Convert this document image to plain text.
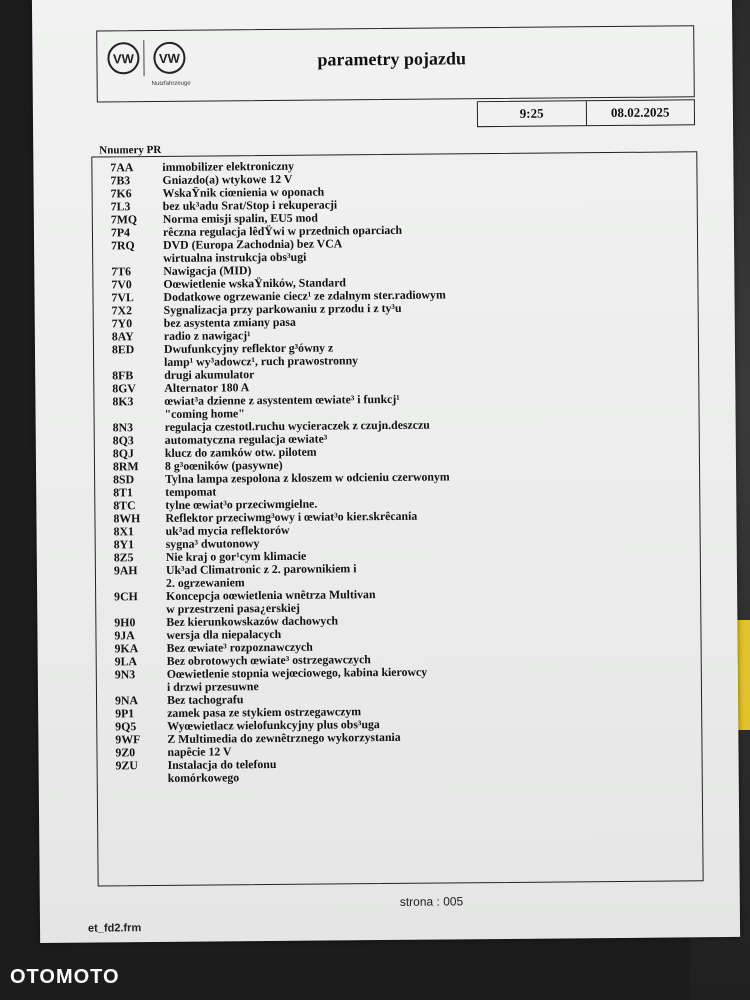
VW	VW
Nutzfahrzeuge
parametry pojazdu
9:25	08.02.2025
Nnumery PR
7AA	immobilizer elektroniczny
7B3	Gniazdo(a) wtykowe 12 V
7K6	WskaŸnik ciœnienia w oponach
7L3	bez uk³adu Srat/Stop i rekuperacji
7MQ	Norma emisji spalin, EU5 mod
7P4	rêczna regulacja lêdŸwi w przednich oparciach
7RQ	DVD (Europa Zachodnia) bez VCA
wirtualna instrukcja obs³ugi
7T6	Nawigacja (MID)
7V0	Oœwietlenie wskaŸników, Standard
7VL	Dodatkowe ogrzewanie ciecz¹ ze zdalnym ster.radiowym
7X2	Sygnalizacja przy parkowaniu z przodu i z ty³u
7Y0	bez asystenta zmiany pasa
8AY	radio z nawigacj¹
8ED	Dwufunkcyjny reflektor g³ówny z
lamp¹ wy³adowcz¹, ruch prawostronny
8FB	drugi akumulator
8GV	Alternator 180 A
8K3	œwiat³a dzienne z asystentem œwiate³ i funkcj¹
"coming home"
8N3	regulacja czestotl.ruchu wycieraczek z czujn.deszczu
8Q3	automatyczna regulacja œwiate³
8QJ	klucz do zamków otw. pilotem
8RM	8 g³oœników (pasywne)
8SD	Tylna lampa zespolona z kloszem w odcieniu czerwonym
8T1	tempomat
8TC	tylne œwiat³o przeciwmgielne.
8WH	Reflektor przeciwmg³owy i œwiat³o kier.skrêcania
8X1	uk³ad mycia reflektorów
8Y1	sygna³ dwutonowy
8Z5	Nie kraj o gor¹cym klimacie
9AH	Uk³ad Climatronic z 2. parownikiem i
2. ogrzewaniem
9CH	Koncepcja oœwietlenia wnêtrza Multivan
w przestrzeni pasa¿erskiej
9H0	Bez kierunkowskazów dachowych
9JA	wersja dla niepalacych
9KA	Bez œwiate³ rozpoznawczych
9LA	Bez obrotowych œwiate³ ostrzegawczych
9N3	Oœwietlenie stopnia wejœciowego, kabina kierowcy
i drzwi przesuwne
9NA	Bez tachografu
9P1	zamek pasa ze stykiem ostrzegawczym
9Q5	Wyœwietlacz wielofunkcyjny plus obs³uga
9WF	Z Multimedia do zewnêtrznego wykorzystania
9Z0	napêcie 12 V
9ZU	Instalacja do telefonu
komórkowego
strona : 005
et_fd2.frm
OTOMOTO
